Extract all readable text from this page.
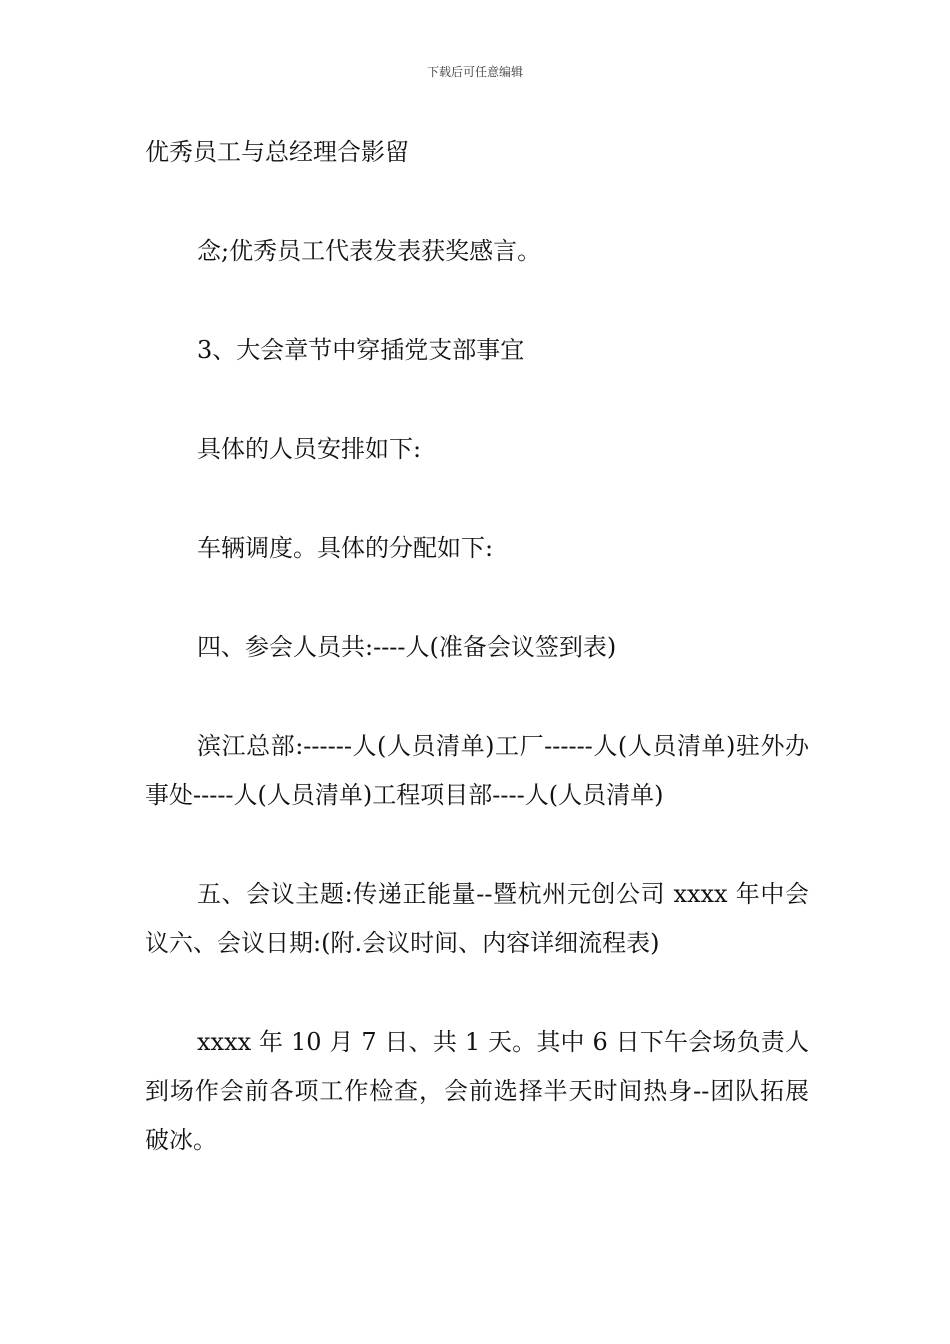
下载后可任意编辑

优秀员工与总经理合影留

念;优秀员工代表发表获奖感言。

3、大会章节中穿插党支部事宜

具体的人员安排如下:

车辆调度。具体的分配如下:

四、参会人员共:----人(准备会议签到表)

滨江总部:------人(人员清单)工厂------人(人员清单)驻外办事处-----人(人员清单)工程项目部----人(人员清单)

五、会议主题:传递正能量--暨杭州元创公司 xxxx 年中会议六、会议日期:(附.会议时间、内容详细流程表)

xxxx 年 10 月 7 日、共 1 天。其中 6 日下午会场负责人到场作会前各项工作检查，会前选择半天时间热身--团队拓展破冰。
